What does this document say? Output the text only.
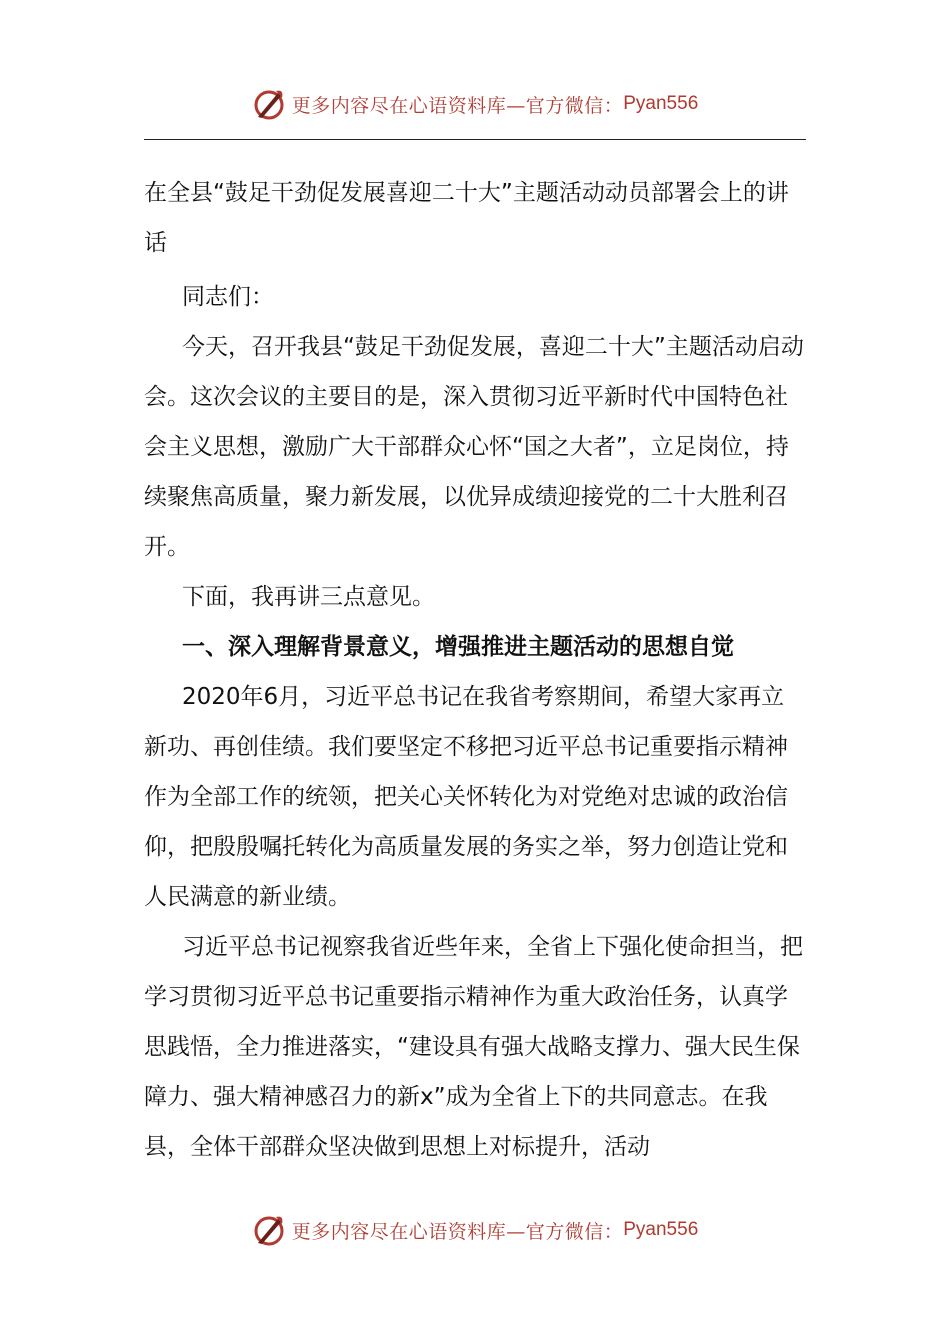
更多内容尽在心语资料库—官方微信： Pyan556

在全县“鼓足干劲促发展喜迎二十大”主题活动动员部署会上的讲话

同志们：

今天，召开我县“鼓足干劲促发展，喜迎二十大”主题活动启动会。这次会议的主要目的是，深入贯彻习近平新时代中国特色社会主义思想，激励广大干部群众心怀“国之大者”，立足岗位，持续聚焦高质量，聚力新发展，以优异成绩迎接党的二十大胜利召开。

下面，我再讲三点意见。

一、深入理解背景意义，增强推进主题活动的思想自觉

2020年6月，习近平总书记在我省考察期间，希望大家再立新功、再创佳绩。我们要坚定不移把习近平总书记重要指示精神作为全部工作的统领，把关心关怀转化为对党绝对忠诚的政治信仰，把殷殷嘱托转化为高质量发展的务实之举，努力创造让党和人民满意的新业绩。

习近平总书记视察我省近些年来，全省上下强化使命担当，把学习贯彻习近平总书记重要指示精神作为重大政治任务，认真学思践悟，全力推进落实，“建设具有强大战略支撑力、强大民生保障力、强大精神感召力的新x”成为全省上下的共同意志。在我县，全体干部群众坚决做到思想上对标提升，活动

更多内容尽在心语资料库—官方微信： Pyan556
